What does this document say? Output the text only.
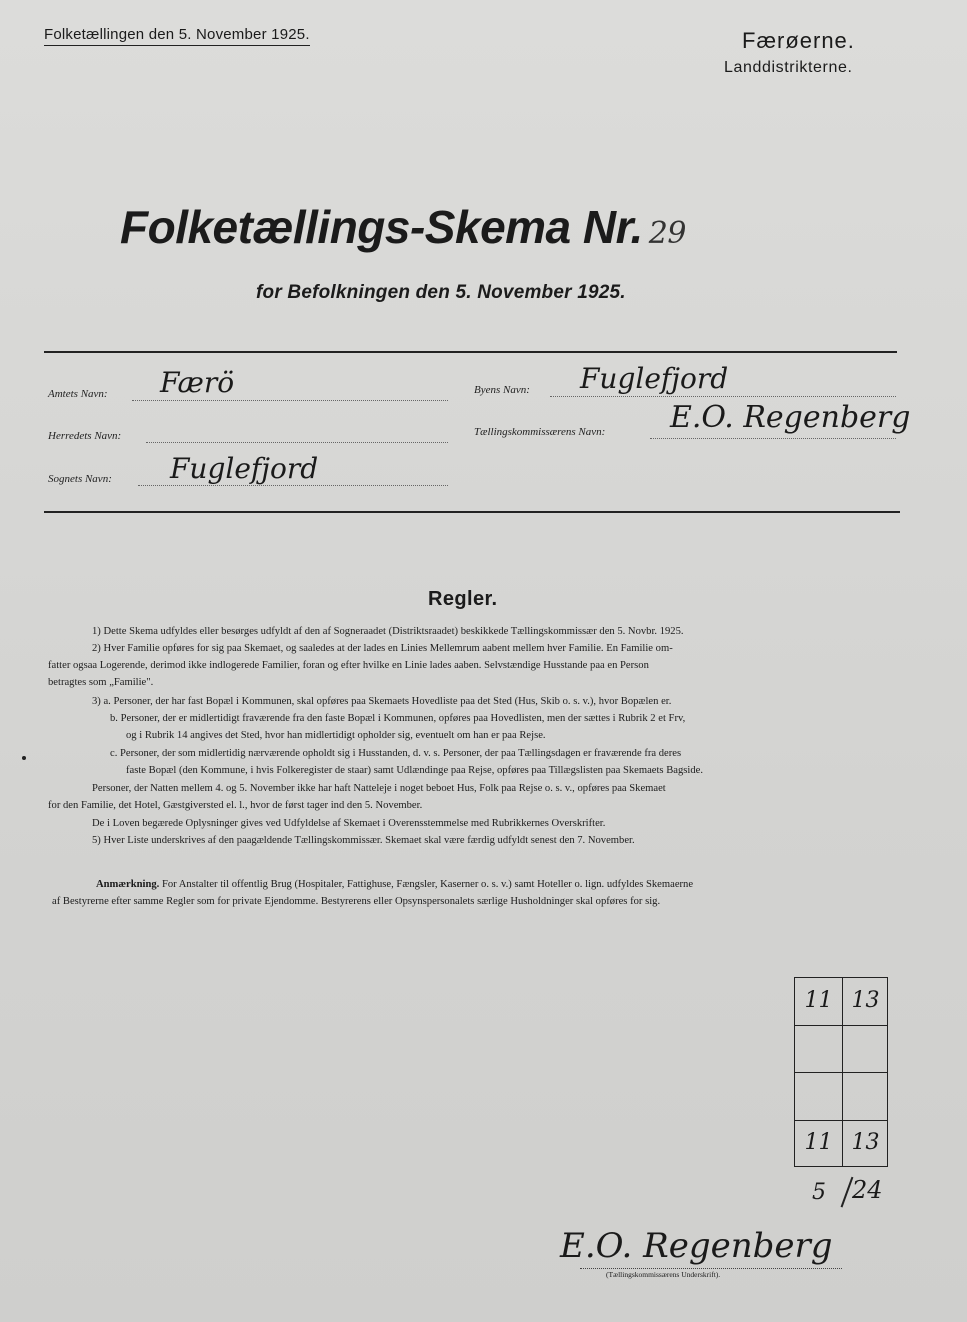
Folketællingen den 5. November 1925.	Færøerne.
Landdistrikterne.
Folketællings-Skema Nr. 29
for Befolkningen den 5. November 1925.
Amtets Navn: Færö
Herredets Navn:
Sognets Navn: Fuglefjord
Byens Navn: Fuglefjord
Tællingskommissærens Navn: E.O. Regenberg
Regler.
1) Dette Skema udfyldes eller besørges udfyldt af den af Sogneraadet (Distriktsraadet) beskikkede Tællingskommissær den 5. Novbr. 1925.
2) Hver Familie opføres for sig paa Skemaet, og saaledes at der lades en Linies Mellemrum aabent mellem hver Familie. En Familie om-
fatter ogsaa Logerende, derimod ikke indlogerede Familier, foran og efter hvilke en Linie lades aaben. Selvstændige Husstande paa en Person
betragtes som „Familie".
3) a. Personer, der har fast Bopæl i Kommunen, skal opføres paa Skemaets Hovedliste paa det Sted (Hus, Skib o. s. v.), hvor Bopælen er.
b. Personer, der er midlertidigt fraværende fra den faste Bopæl i Kommunen, opføres paa Hovedlisten, men der sættes i Rubrik 2 et Frv,
og i Rubrik 14 angives det Sted, hvor han midlertidigt opholder sig, eventuelt om han er paa Rejse.
c. Personer, der som midlertidig nærværende opholdt sig i Husstanden, d. v. s. Personer, der paa Tællingsdagen er fraværende fra deres
faste Bopæl (den Kommune, i hvis Folkeregister de staar) samt Udlændinge paa Rejse, opføres paa Tillægslisten paa Skemaets Bagside.
Personer, der Natten mellem 4. og 5. November ikke har haft Natteleje i noget beboet Hus, Folk paa Rejse o. s. v., opføres paa Skemaet
for den Familie, det Hotel, Gæstgiversted el. l., hvor de først tager ind den 5. November.
De i Loven begærede Oplysninger gives ved Udfyldelse af Skemaet i Overensstemmelse med Rubrikkernes Overskrifter.
5) Hver Liste underskrives af den paagældende Tællingskommissær. Skemaet skal være færdig udfyldt senest den 7. November.
Anmærkning. For Anstalter til offentlig Brug (Hospitaler, Fattighuse, Fængsler, Kaserner o. s. v.) samt Hoteller o. lign. udfyldes Skemaerne
af Bestyrerne efter samme Regler som for private Ejendomme. Bestyrerens eller Opsynspersonalets særlige Husholdninger skal opføres for sig.
11 13
11 13
5 24
E.O. Regenberg
(Tællingskommissærens Underskrift).
